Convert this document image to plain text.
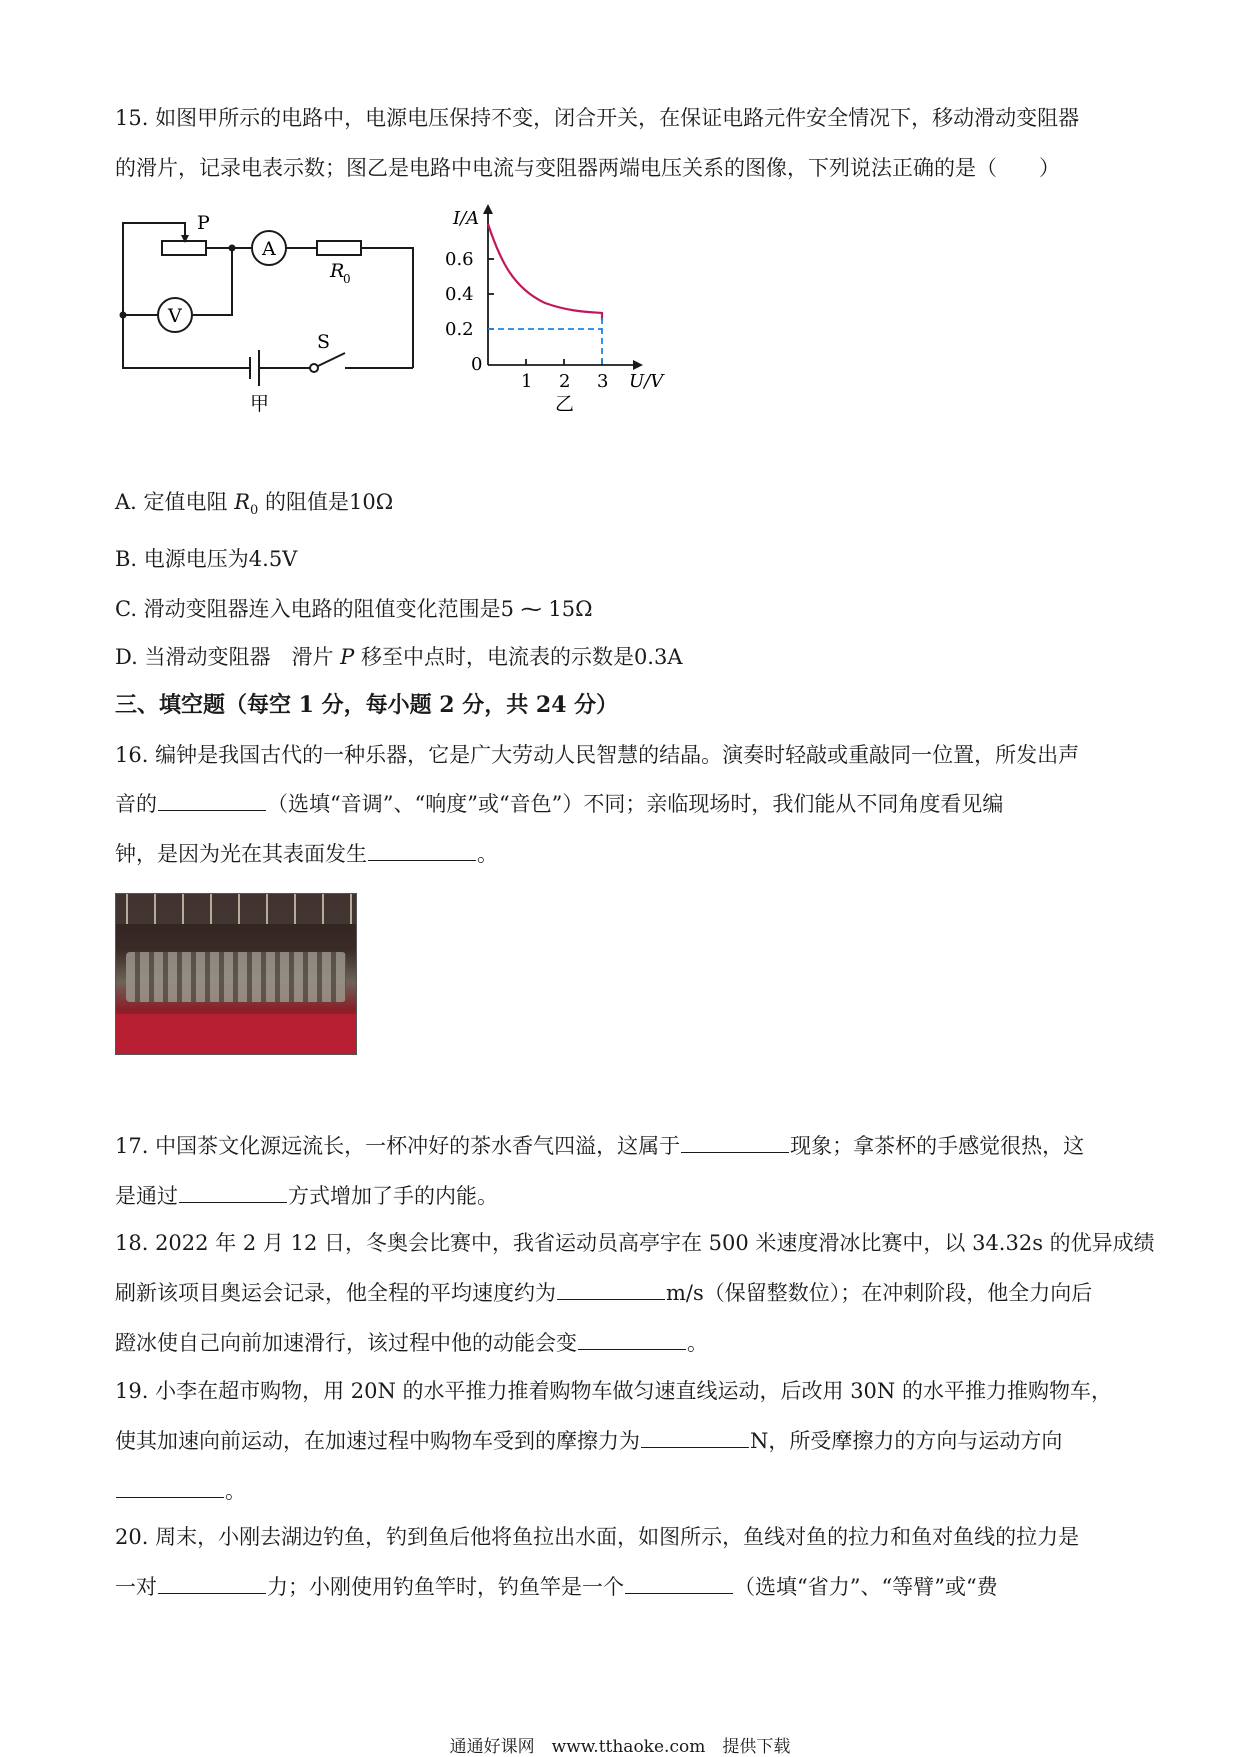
15. 如图甲所示的电路中，电源电压保持不变，闭合开关，在保证电路元件安全情况下，移动滑动变阻器
的滑片，记录电表示数；图乙是电路中电流与变阻器两端电压关系的图像，下列说法正确的是（　　）
P
A
V
R
0
S
甲
I/A
0.6
0.4
0.2
0
1 2 3 U/V
乙
A. 定值电阻 $R_0$ 的阻值是10Ω
B. 电源电压为4.5V
C. 滑动变阻器连入电路的阻值变化范围是5 ⁓ 15Ω
D. 当滑动变阻器　滑片 P 移至中点时，电流表的示数是0.3A
三、填空题（每空 1 分，每小题 2 分，共 24 分）
16. 编钟是我国古代的一种乐器，它是广大劳动人民智慧的结晶。演奏时轻敲或重敲同一位置，所发出声
音的	（选填“音调”、“响度”或“音色”）不同；亲临现场时，我们能从不同角度看见编
钟，是因为光在其表面发生	。
17. 中国茶文化源远流长，一杯冲好的茶水香气四溢，这属于	现象；拿茶杯的手感觉很热，这
是通过	方式增加了手的内能。
18. 2022 年 2 月 12 日，冬奥会比赛中，我省运动员高亭宇在 500 米速度滑冰比赛中，以 34.32s 的优异成绩
刷新该项目奥运会记录，他全程的平均速度约为	m/s（保留整数位）；在冲刺阶段，他全力向后
蹬冰使自己向前加速滑行，该过程中他的动能会变	。
19. 小李在超市购物，用 20N 的水平推力推着购物车做匀速直线运动，后改用 30N 的水平推力推购物车，
使其加速向前运动，在加速过程中购物车受到的摩擦力为	N，所受摩擦力的方向与运动方向
。
20. 周末，小刚去湖边钓鱼，钓到鱼后他将鱼拉出水面，如图所示，鱼线对鱼的拉力和鱼对鱼线的拉力是
一对	力；小刚使用钓鱼竿时，钓鱼竿是一个	（选填“省力”、“等臂”或“费
通通好课网　www.tthaoke.com　提供下载
